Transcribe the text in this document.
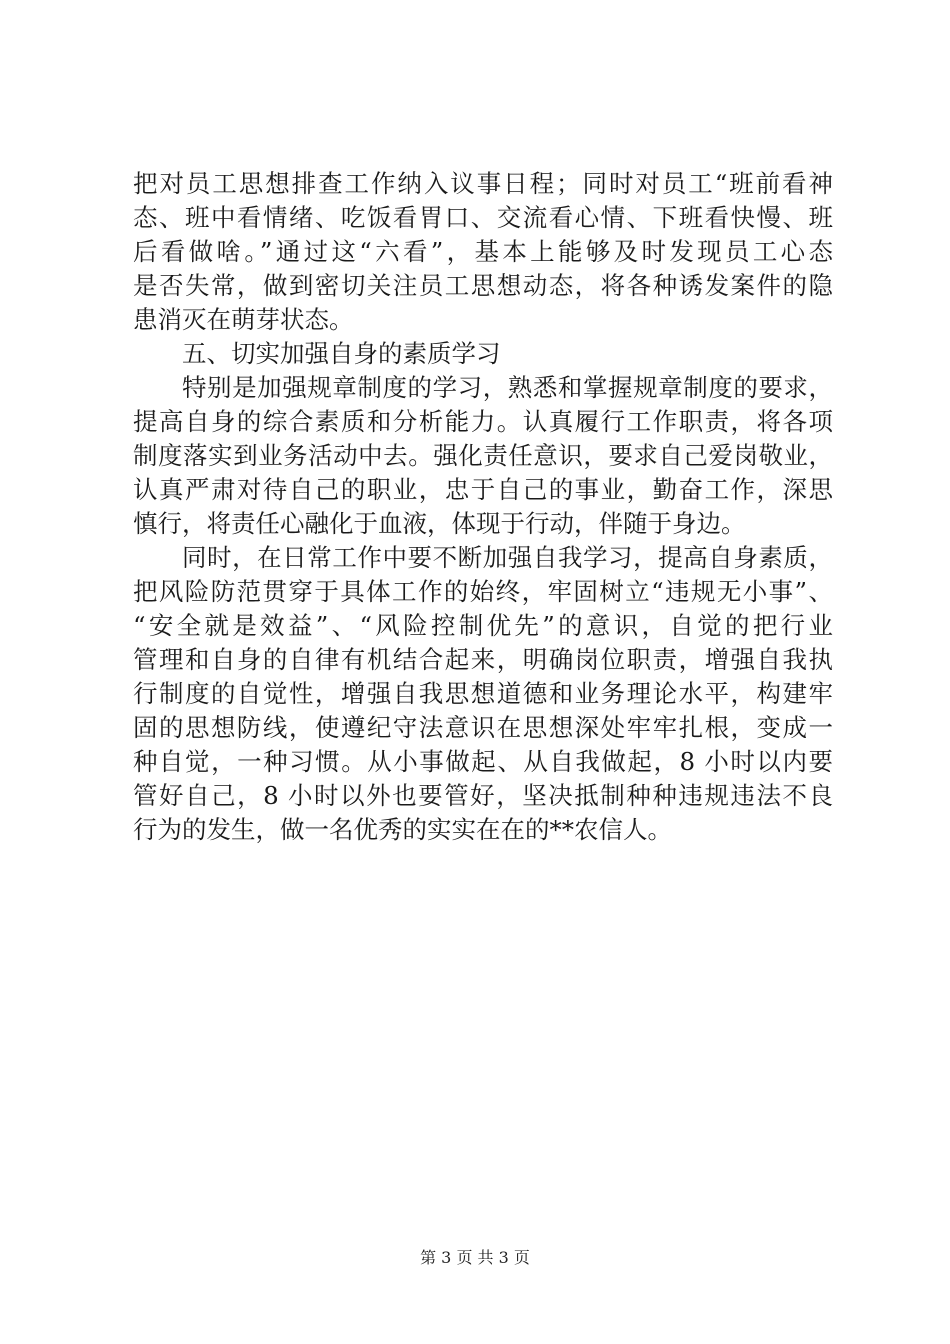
把对员工思想排查工作纳入议事日程；同时对员工“班前看神
态、班中看情绪、吃饭看胃口、交流看心情、下班看快慢、班
后看做啥。”通过这“六看”，基本上能够及时发现员工心态
是否失常，做到密切关注员工思想动态，将各种诱发案件的隐
患消灭在萌芽状态。
五、切实加强自身的素质学习
特别是加强规章制度的学习，熟悉和掌握规章制度的要求，
提高自身的综合素质和分析能力。认真履行工作职责，将各项
制度落实到业务活动中去。强化责任意识，要求自己爱岗敬业，
认真严肃对待自己的职业，忠于自己的事业，勤奋工作，深思
慎行，将责任心融化于血液，体现于行动，伴随于身边。
同时，在日常工作中要不断加强自我学习，提高自身素质，
把风险防范贯穿于具体工作的始终，牢固树立“违规无小事”、
“安全就是效益”、“风险控制优先”的意识，自觉的把行业
管理和自身的自律有机结合起来，明确岗位职责，增强自我执
行制度的自觉性，增强自我思想道德和业务理论水平，构建牢
固的思想防线，使遵纪守法意识在思想深处牢牢扎根，变成一
种自觉，一种习惯。从小事做起、从自我做起，8 小时以内要
管好自己，8 小时以外也要管好，坚决抵制种种违规违法不良
行为的发生，做一名优秀的实实在在的**农信人。
第 3 页 共 3 页
